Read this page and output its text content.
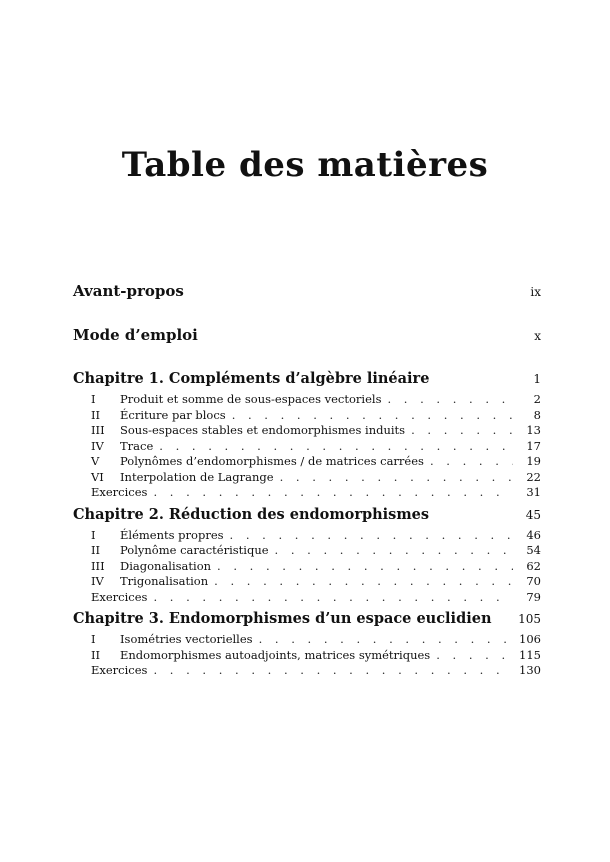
Table des matières
Avant-propos	ix
Mode d’emploi	x
Chapitre 1. Compléments d’algèbre linéaire	1
I	Produit et somme de sous-espaces vectoriels . . .	2
II	Écriture par blocs . . .	8
III	Sous-espaces stables et endomorphismes induits . . .	13
IV	Trace . . .	17
V	Polynômes d’endomorphismes / de matrices carrées . . .	19
VI	Interpolation de Lagrange . . .	22
Exercices . . .	31
Chapitre 2. Réduction des endomorphismes	45
I	Éléments propres . . .	46
II	Polynôme caractéristique . . .	54
III	Diagonalisation . . .	62
IV	Trigonalisation . . .	70
Exercices . . .	79
Chapitre 3. Endomorphismes d’un espace euclidien 105
I	Isométries vectorielles . . .	106
II	Endomorphismes autoadjoints, matrices symétriques . . .	115
Exercices . . .	130
